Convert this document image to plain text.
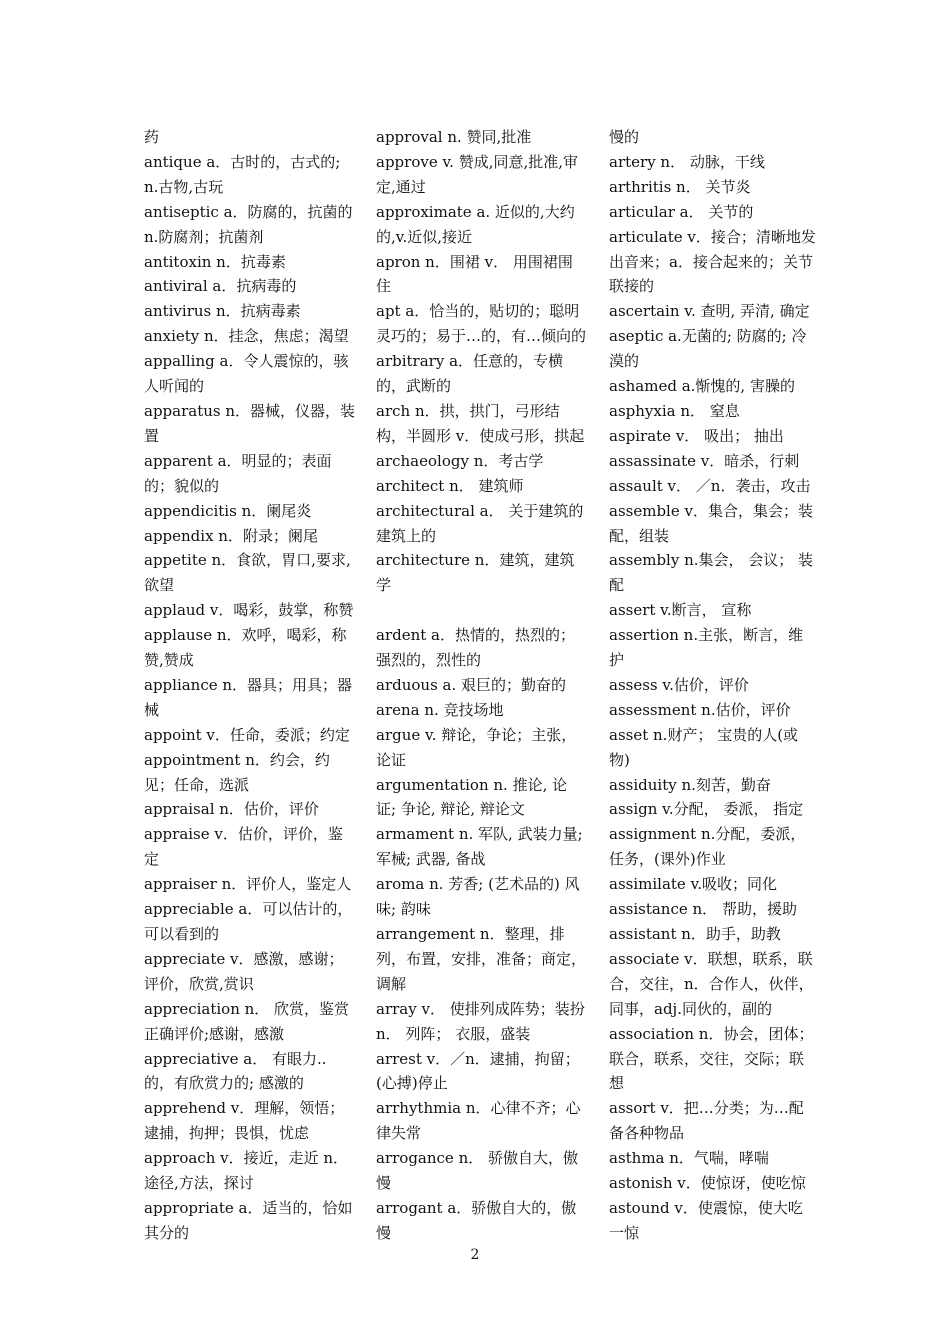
药

antique a．古时的，古式的; n.古物,古玩

antiseptic a．防腐的，抗菌的 n.防腐剂；抗菌剂

antitoxin n．抗毒素

antiviral a．抗病毒的

antivirus n．抗病毒素

anxiety n．挂念，焦虑；渴望

appalling a．令人震惊的，骇人听闻的

apparatus n．器械，仪器，装置

apparent a．明显的；表面的；貌似的

appendicitis n．阑尾炎

appendix n．附录；阑尾

appetite n．食欲，胃口,要求,欲望

applaud v．喝彩，鼓掌，称赞

applause n．欢呼，喝彩，称赞,赞成

appliance n．器具；用具；器械

appoint v．任命，委派；约定

appointment n．约会，约见；任命，选派

appraisal n．估价，评价

appraise v．估价，评价，鉴定

appraiser n．评价人，鉴定人

appreciable a．可以估计的，可以看到的

appreciate v．感激，感谢；评价，欣赏,赏识

appreciation n． 欣赏，鉴赏正确评价;感谢，感激

appreciative a． 有眼力..的，有欣赏力的; 感激的

apprehend v．理解，领悟；逮捕，拘押；畏惧，忧虑

approach v．接近，走近 n．途径,方法，探讨

appropriate a．适当的，恰如其分的

approval n. 赞同,批准

approve v. 赞成,同意,批准,审定,通过

approximate a. 近似的,大约的,v.近似,接近

apron n．围裙 v． 用围裙围住

apt a．恰当的，贴切的；聪明灵巧的；易于…的，有…倾向的

arbitrary a．任意的，专横的，武断的

arch n．拱，拱门，弓形结构，半圆形 v．使成弓形，拱起

archaeology n．考古学

architect n． 建筑师

architectural a． 关于建筑的建筑上的

architecture n．建筑，建筑学

ardent a．热情的，热烈的；强烈的，烈性的

arduous a. 艰巨的；勤奋的

arena n. 竞技场地

argue v. 辩论，争论；主张，论证

argumentation n. 推论, 论证; 争论, 辩论, 辩论文

armament n. 军队, 武装力量; 军械; 武器, 备战

aroma n. 芳香; (艺术品的) 风味; 韵味

arrangement n．整理，排列，布置，安排，准备；商定，调解

array v． 使排列成阵势；装扮 n． 列阵； 衣服，盛装

arrest v．／n．逮捕，拘留；(心搏)停止

arrhythmia n．心律不齐；心律失常

arrogance n． 骄傲自大，傲慢

arrogant a．骄傲自大的，傲慢

慢的

artery n． 动脉，干线

arthritis n． 关节炎

articular a． 关节的

articulate v．接合；清晰地发出音来；a．接合起来的；关节联接的

ascertain v. 查明, 弄清, 确定

aseptic a.无菌的; 防腐的; 冷漠的

ashamed a.惭愧的, 害臊的

asphyxia n． 窒息

aspirate v． 吸出； 抽出

assassinate v．暗杀，行刺

assault v． ／n．袭击，攻击

assemble v．集合，集会；装配，组装

assembly n.集会， 会议； 装配

assert v.断言， 宣称

assertion n.主张，断言，维护

assess v.估价，评价

assessment n.估价，评价

asset n.财产； 宝贵的人(或物)

assiduity n.刻苦，勤奋

assign v.分配， 委派， 指定

assignment n.分配，委派，任务，(课外)作业

assimilate v.吸收；同化

assistance n． 帮助，援助

assistant n．助手，助教

associate v．联想，联系，联合，交往，n．合作人，伙伴，同事，adj.同伙的，副的

association n．协会，团体；联合，联系，交往，交际；联想

assort v．把…分类；为…配备各种物品

asthma n．气喘，哮喘

astonish v．使惊讶，使吃惊

astound v．使震惊，使大吃一惊

2
